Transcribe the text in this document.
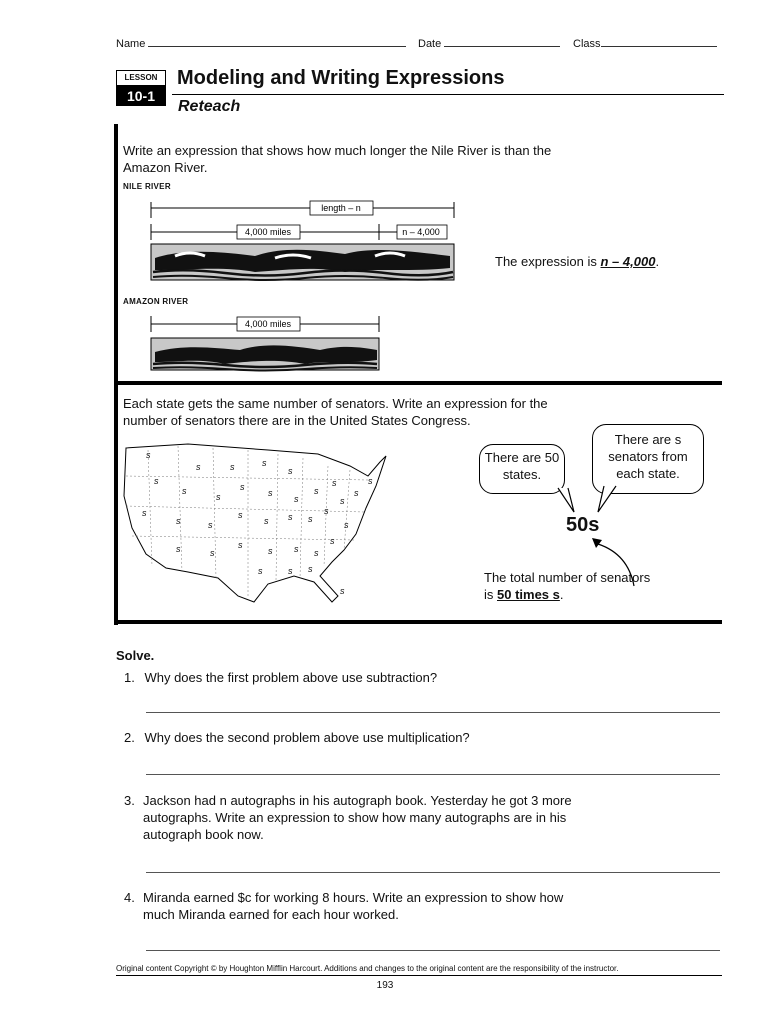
Name	Date	Class
LESSON
10-1
Modeling and Writing Expressions
Reteach
Write an expression that shows how much longer the Nile River is than the Amazon River.
NILE RIVER
AMAZON RIVER
length – n
4,000 miles	n – 4,000
4,000 miles
The expression is n – 4,000.
Each state gets the same number of senators. Write an expression for the number of senators there are in the United States Congress.
s
s	s	s
s
s
s
s
s
s
s
s
s
s
s	s
s
s s s
s
s
s
s
s	s
s
s s s
s
s
s	s s
s
There are 50 states.
There are s senators from each state.
50s
The total number of senators is 50 times s.
Solve.
1. Why does the first problem above use subtraction?
2. Why does the second problem above use multiplication?
3. Jackson had n autographs in his autograph book. Yesterday he got 3 more autographs. Write an expression to show how many autographs are in his autograph book now.
4. Miranda earned $c for working 8 hours. Write an expression to show how much Miranda earned for each hour worked.
Original content Copyright © by Houghton Mifflin Harcourt. Additions and changes to the original content are the responsibility of the instructor.
193
